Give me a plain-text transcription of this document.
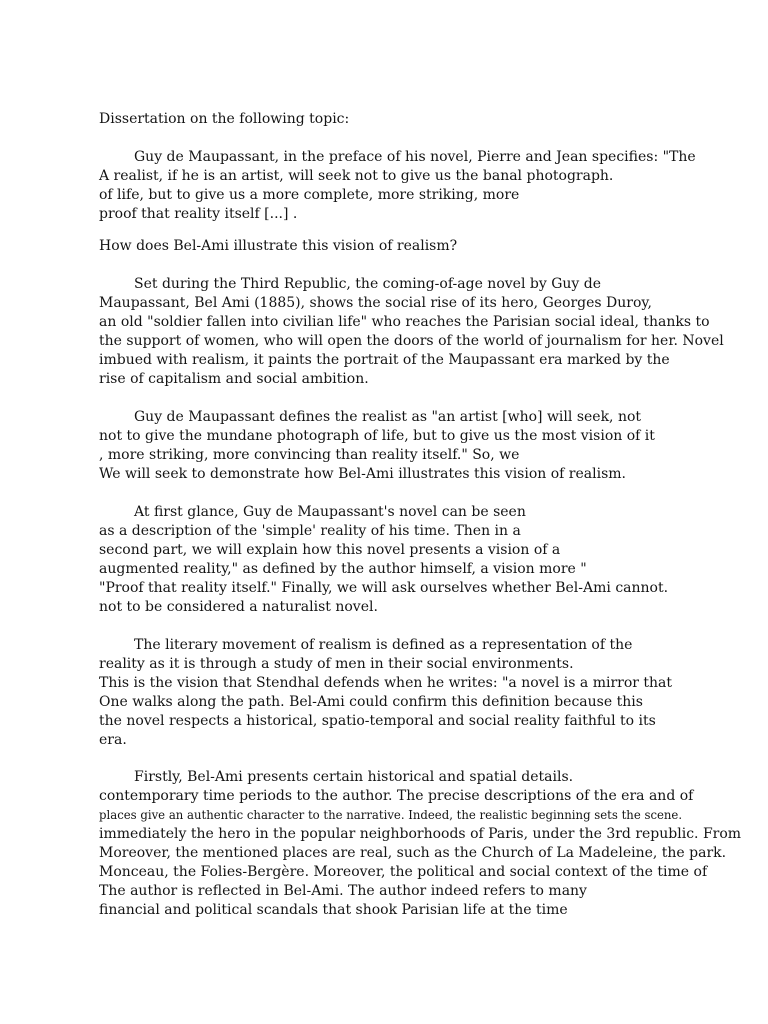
Dissertation on the following topic:
Guy de Maupassant, in the preface of his novel, Pierre and Jean specifies: "The
A realist, if he is an artist, will seek not to give us the banal photograph.
of life, but to give us a more complete, more striking, more
proof that reality itself [...] .
How does Bel-Ami illustrate this vision of realism?
Set during the Third Republic, the coming-of-age novel by Guy de
Maupassant, Bel Ami (1885), shows the social rise of its hero, Georges Duroy,
an old "soldier fallen into civilian life" who reaches the Parisian social ideal, thanks to
the support of women, who will open the doors of the world of journalism for her. Novel
imbued with realism, it paints the portrait of the Maupassant era marked by the
rise of capitalism and social ambition.
Guy de Maupassant defines the realist as "an artist [who] will seek, not
not to give the mundane photograph of life, but to give us the most vision of it
, more striking, more convincing than reality itself." So, we
We will seek to demonstrate how Bel-Ami illustrates this vision of realism.
At first glance, Guy de Maupassant's novel can be seen
as a description of the 'simple' reality of his time. Then in a
second part, we will explain how this novel presents a vision of a
augmented reality," as defined by the author himself, a vision more "
"Proof that reality itself." Finally, we will ask ourselves whether Bel-Ami cannot.
not to be considered a naturalist novel.
The literary movement of realism is defined as a representation of the
reality as it is through a study of men in their social environments.
This is the vision that Stendhal defends when he writes: "a novel is a mirror that
One walks along the path. Bel-Ami could confirm this definition because this
the novel respects a historical, spatio-temporal and social reality faithful to its
era.
Firstly, Bel-Ami presents certain historical and spatial details.
contemporary time periods to the author. The precise descriptions of the era and of
places give an authentic character to the narrative. Indeed, the realistic beginning sets the scene.
immediately the hero in the popular neighborhoods of Paris, under the 3rd republic. From
Moreover, the mentioned places are real, such as the Church of La Madeleine, the park.
Monceau, the Folies-Bergère. Moreover, the political and social context of the time of
The author is reflected in Bel-Ami. The author indeed refers to many
financial and political scandals that shook Parisian life at the time
